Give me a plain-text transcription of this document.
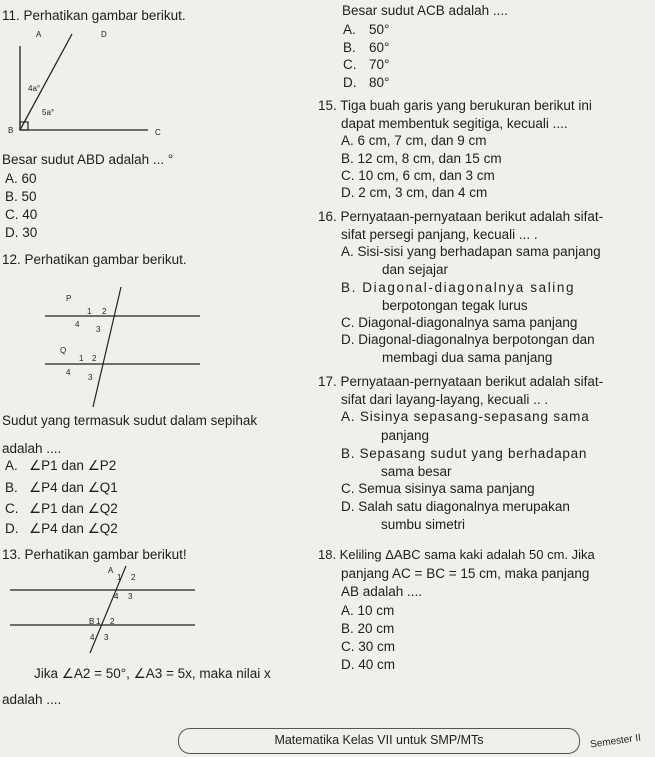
11. Perhatikan gambar berikut.
A	D
4a°
5a°
B	C
Besar sudut ABD adalah ... °
A. 60
B. 50
C. 40
D. 30
Besar sudut ACB adalah ....
A. 50°
B. 60°
C. 70°
D. 80°
15. Tiga buah garis yang berukuran berikut ini
dapat membentuk segitiga, kecuali ....
A. 6 cm, 7 cm, dan 9 cm
B. 12 cm, 8 cm, dan 15 cm
C. 10 cm, 6 cm, dan 3 cm
D. 2 cm, 3 cm, dan 4 cm
16. Pernyataan-pernyataan berikut adalah sifat-
sifat persegi panjang, kecuali ... .
A. Sisi-sisi yang berhadapan sama panjang
dan sejajar
B. Diagonal-diagonalnya saling
berpotongan tegak lurus
C. Diagonal-diagonalnya sama panjang
D. Diagonal-diagonalnya berpotongan dan
membagi dua sama panjang
12. Perhatikan gambar berikut.
P
1 2
4
3
Q
1 2
4
3
Sudut yang termasuk sudut dalam sepihak
adalah ....
A. ∠P1 dan ∠P2
B. ∠P4 dan ∠Q1
C. ∠P1 dan ∠Q2
D. ∠P4 dan ∠Q2
17. Pernyataan-pernyataan berikut adalah sifat-
sifat dari layang-layang, kecuali .. .
A. Sisinya sepasang-sepasang sama
panjang
B. Sepasang sudut yang berhadapan
sama besar
C. Semua sisinya sama panjang
D. Salah satu diagonalnya merupakan
sumbu simetri
13. Perhatikan gambar berikut!
A
1 2
4 3
B 1 2
4 3
Jika ∠A2 = 50°, ∠A3 = 5x, maka nilai x
adalah ....
18. Keliling ΔABC sama kaki adalah 50 cm. Jika
panjang AC = BC = 15 cm, maka panjang
AB adalah ....
A. 10 cm
B. 20 cm
C. 30 cm
D. 40 cm
Matematika Kelas VII untuk SMP/MTs	Semester II
